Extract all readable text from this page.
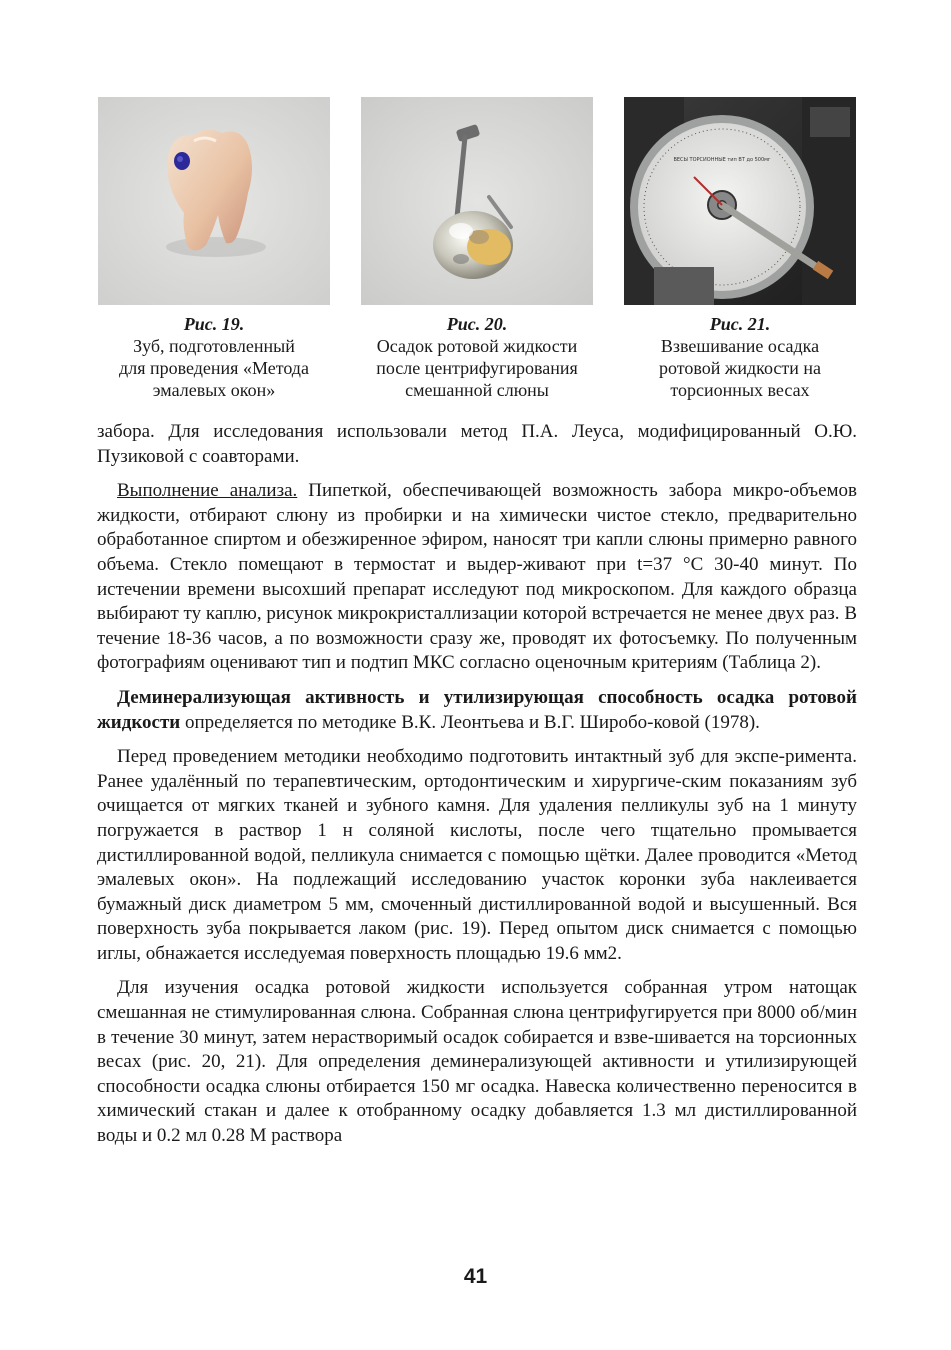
ВЕСЫ ТОРСИОННЫЕ тип ВТ до 500мг
Рис. 19.
Зуб, подготовленный
для проведения «Метода
эмалевых окон»
Рис. 20.
Осадок ротовой жидкости
после центрифугирования
смешанной слюны
Рис. 21.
Взвешивание осадка
ротовой жидкости на
торсионных весах

забора. Для исследования использовали метод П.А. Леуса, модифицированный О.Ю. Пузиковой с соавторами.

Выполнение анализа. Пипеткой, обеспечивающей возможность забора микро-объемов жидкости, отбирают слюну из пробирки и на химически чистое стекло, предварительно обработанное спиртом и обезжиренное эфиром, наносят три капли слюны примерно равного объема. Стекло помещают в термостат и выдер-живают при t=37 °С 30-40 минут. По истечении времени высохший препарат исследуют под микроскопом. Для каждого образца выбирают ту каплю, рисунок микрокристаллизации которой встречается не менее двух раз. В течение 18-36 часов, а по возможности сразу же, проводят их фотосъемку. По полученным фотографиям оценивают тип и подтип МКС согласно оценочным критериям (Таблица 2).

Деминерализующая активность и утилизирующая способность осадка ротовой жидкости определяется по методике В.К. Леонтьева и В.Г. Широбо-ковой (1978).

Перед проведением методики необходимо подготовить интактный зуб для экспе-римента. Ранее удалённый по терапевтическим, ортодонтическим и хирургиче-ским показаниям зуб очищается от мягких тканей и зубного камня. Для удаления пелликулы зуб на 1 минуту погружается в раствор 1 н соляной кислоты, после чего тщательно промывается дистиллированной водой, пелликула снимается с помощью щётки. Далее проводится «Метод эмалевых окон». На подлежащий исследованию участок коронки зуба наклеивается бумажный диск диаметром 5 мм, смоченный дистиллированной водой и высушенный. Вся поверхность зуба покрывается лаком (рис. 19). Перед опытом диск снимается с помощью иглы, обнажается исследуемая поверхность площадью 19.6 мм2.

Для изучения осадка ротовой жидкости используется собранная утром натощак смешанная не стимулированная слюна. Собранная слюна центрифугируется при 8000 об/мин в течение 30 минут, затем нерастворимый осадок собирается и взве-шивается на торсионных весах (рис. 20, 21). Для определения деминерализующей активности и утилизирующей способности осадка слюны отбирается 150 мг осадка. Навеска количественно переносится в химический стакан и далее к отобранному осадку добавляется 1.3 мл дистиллированной воды и 0.2 мл 0.28 М раствора

41
